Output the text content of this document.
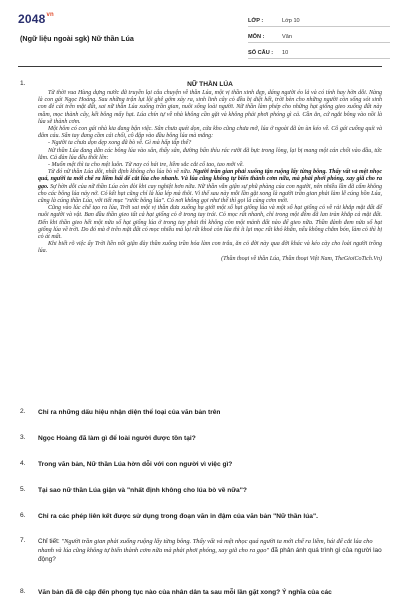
$2048^{vn}$
(Ngữ liệu ngoài sgk) Nữ thần Lúa
LỚP :	Lớp 10
MÔN :	Văn
SỐ CÂU :	10
1.	NỮ THẦN LÚA

Từ thời vua Hùng dựng nước đã truyền lại câu chuyện về thần Lúa, một vị thần xinh đẹp, dáng người éo lả và có tính hay hờn dỗi. Nàng là con gái Ngọc Hoàng. Sau những trận lụt lội ghê gớm xảy ra, sinh linh cây cỏ đều bị diệt hết, trời bèn cho những người còn sống sót sinh con đẻ cái trên mặt đất, sai nữ thần Lúa xuống trần gian, nuôi sống loài người. Nữ thần làm phép cho những hạt giống gieo xuống đất này mầm, mọc thành cây, kết bông mẩy hạt. Lúa chín tự về nhà không cần gặt và không phải phơi phóng gì cả. Cần ăn, cứ ngắt bông vào nồi là lúa sẽ thành cơm.

Một hôm có con gái nhà kia đang bận việc. Sân chưa quét dọn, cửa kho cũng chưa mở, lúa ở ngoài đã ùn ùn kéo về. Cô gái cuống quít và đâm cáu. Sẵn tay đang cầm cái chổi, cô đập vào đầu bông lúa mà mắng:

- Người ta chưa dọn dẹp xong đã bò về. Gì mà hấp tấp thế?

Nữ thần Lúa đang dẫn các bông lúa vào sân, thấy sân, đường bẩn thỉu rác rưởi đã bực trong lòng, lại bị mang một cán chổi vào đầu, tức lắm. Cả đàn lúa đều thốt lên:

- Muốn mệt thì ta cho mệt luôn. Từ nay có hái tre, liềm sắc cắt cổ tao, tao mới về.

Từ đó nữ thần Lúa dỗi, nhất định không cho lúa bò về nữa. Người trần gian phải xuống tận ruộng lấy từng bông. Thấy vất vả mệt nhọc quá, người ta mới chế ra liềm hái để cắt lúa cho nhanh. Và lúa cũng không tự biến thành cơm nữa, mà phải phơi phóng, xay giã cho ra gạo. Sự hờn dỗi của nữ thần Lúa còn đòi khi cay nghiệt hơn nữa. Nữ thần vẫn giận sự phũ phàng của con người, nên nhiều lần đã cấm không cho các bông lúa nảy nở. Có kết hạt cũng chỉ là lúa lép mà thôi. Vì thế sau này mỗi lần gặt xong là người trần gian phải làm lễ cúng hồn Lúa, cũng là cúng thần Lúa, với tiết mục "rước bông lúa". Có nơi không gọi như thế thì gọi là cúng cơm mới.

Cũng vào lúc chế tạo ra lúa, Trời sai một vị thần đưa xuống hạ giới một số hạt giống lúa và một số hạt giống cỏ về rải khắp mặt đất để nuôi người và vật. Ban đầu thần gieo tất cả hạt giống cỏ ở trong tay trái. Cỏ mọc rất nhanh, chỉ trong một đêm đã lan tràn khắp cả mặt đất. Đến khi thần gieo hết một nửa số hạt giống lúa ở trong tay phải thì không còn một mảnh đất nào để gieo nữa. Thần đành đem nửa số hạt giống lúa về trời. Do đó mà ở trên mặt đất có mọc nhiều mà lại rất khoẻ còn lúa thì ít lại mọc rất khó khăn, nếu không chăm bón, làm cỏ thì bị cỏ át mất.

Khi biết rõ việc ấy Trời liền nổi giận đày thần xuống trần hóa làm con trâu, ăn cỏ đời này qua đời khác và kéo cày cho loài người trồng lúa.

(Thần thoại về thần Lúa, Thần thoại Việt Nam, TheGioiCoTich.Vn)

2. Chỉ ra những dấu hiệu nhận diện thể loại của văn bản trên
3. Ngọc Hoàng đã làm gì để loài người được tồn tại?
4. Trong văn bản, Nữ thần Lúa hờn dỗi với con người vì việc gì?
5. Tại sao nữ thần Lúa giận và "nhất định không cho lúa bò về nữa"?
6. Chỉ ra các phép liên kết được sử dụng trong đoạn văn in đậm của văn bản "Nữ thần lúa".
7. Chỉ tiết: "Người trần gian phải xuống ruộng lấy từng bông. Thấy vất vả mệt nhọc quá người ta mới chế ra liềm, hái để cắt lúa cho nhanh và lúa cũng không tự biến thành cơm nữa mà phải phơi phóng, xay giã cho ra gạo" đã phản ánh quá trình gì của người lao động?
8. Văn bản đã đề cập đến phong tục nào của nhân dân ta sau mỗi lần gặt xong? Ý nghĩa của các
